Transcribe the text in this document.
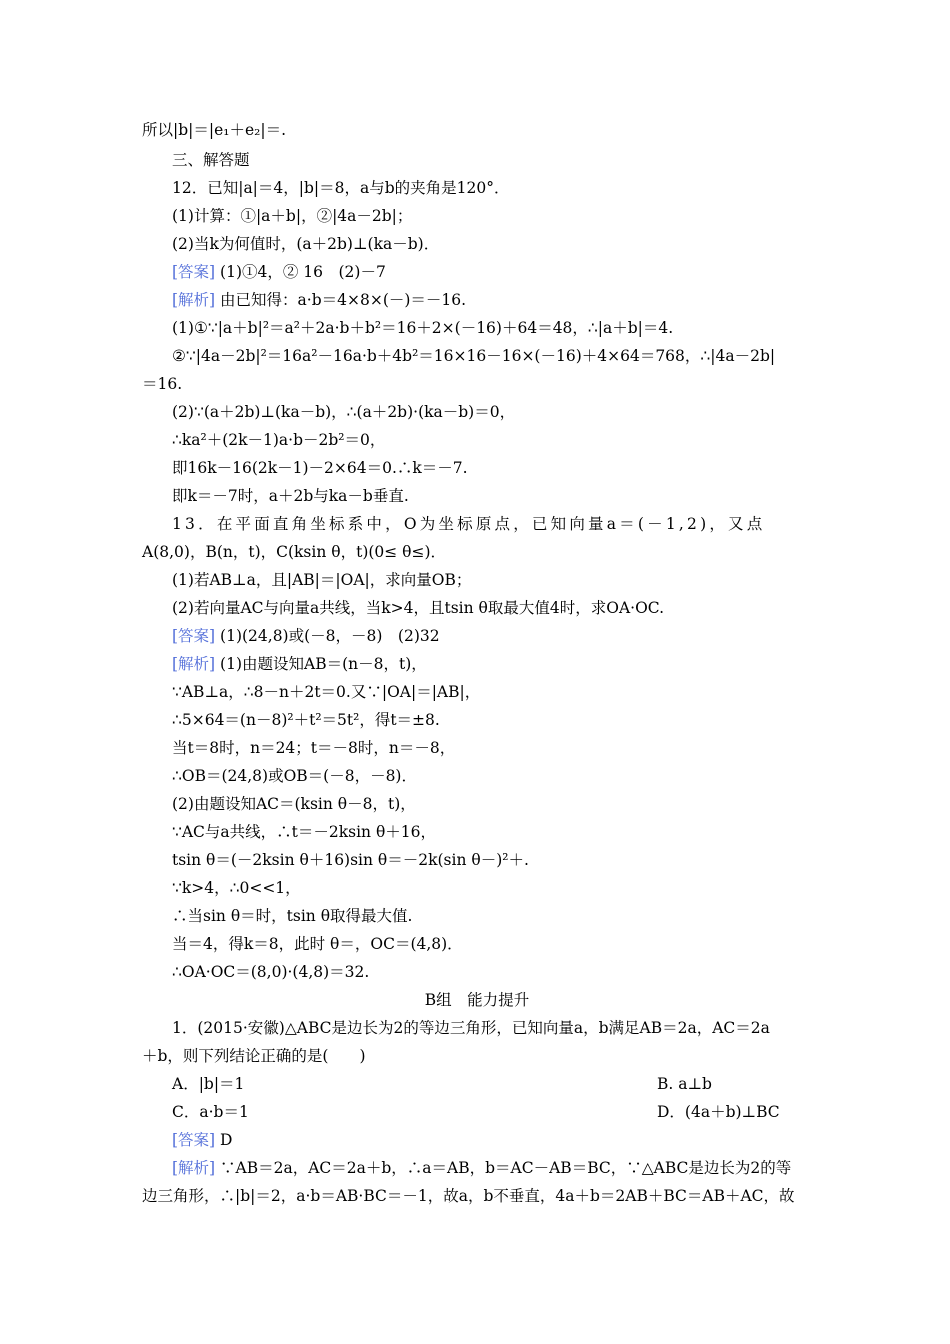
所以|b|＝|e₁＋e₂|＝.
三、解答题
12．已知|a|＝4，|b|＝8，a与b的夹角是120°．
(1)计算：①|a＋b|，②|4a－2b|；
(2)当k为何值时，(a＋2b)⊥(ka－b)．
[答案] (1)①4，② 16　(2)－7
[解析] 由已知得：a·b＝4×8×(－)＝－16.
(1)①∵|a＋b|²＝a²＋2a·b＋b²＝16＋2×(－16)＋64＝48，∴|a＋b|＝4.
②∵|4a－2b|²＝16a²－16a·b＋4b²＝16×16－16×(－16)＋4×64＝768，∴|4a－2b|
＝16.
(2)∵(a＋2b)⊥(ka－b)，∴(a＋2b)·(ka－b)＝0，
∴ka²＋(2k－1)a·b－2b²＝0，
即16k－16(2k－1)－2×64＝0.∴k＝－7.
即k＝－7时，a＋2b与ka－b垂直.
13．在平面直角坐标系中，O为坐标原点，已知向量a＝(－1,2)，又点
A(8,0)，B(n，t)，C(ksin θ，t)(0≤ θ≤)．
(1)若AB⊥a，且|AB|＝|OA|，求向量OB；
(2)若向量AC与向量a共线，当k>4，且tsin θ取最大值4时，求OA·OC.
[答案] (1)(24,8)或(－8，－8)　(2)32
[解析] (1)由题设知AB＝(n－8，t)，
∵AB⊥a，∴8－n＋2t＝0.又∵|OA|＝|AB|，
∴5×64＝(n－8)²＋t²＝5t²，得t＝±8.
当t＝8时，n＝24；t＝－8时，n＝－8，
∴OB＝(24,8)或OB＝(－8，－8)．
(2)由题设知AC＝(ksin θ－8，t)，
∵AC与a共线，∴t＝－2ksin θ＋16，
tsin θ＝(－2ksin θ＋16)sin θ＝－2k(sin θ－)²＋.
∵k>4，∴0<<1，
∴当sin θ＝时，tsin θ取得最大值.
当＝4，得k＝8，此时 θ＝，OC＝(4,8)．
∴OA·OC＝(8,0)·(4,8)＝32.
B组　能力提升
1．(2015·安徽)△ABC是边长为2的等边三角形，已知向量a，b满足AB＝2a，AC＝2a
＋b，则下列结论正确的是(　　)
A．|b|＝1	B. a⊥b
C．a·b＝1	D．(4a＋b)⊥BC
[答案] D
[解析] ∵AB＝2a，AC＝2a＋b，∴a＝AB，b＝AC－AB＝BC，∵△ABC是边长为2的等
边三角形，∴|b|＝2，a·b＝AB·BC＝－1，故a，b不垂直，4a＋b＝2AB＋BC＝AB＋AC，故
